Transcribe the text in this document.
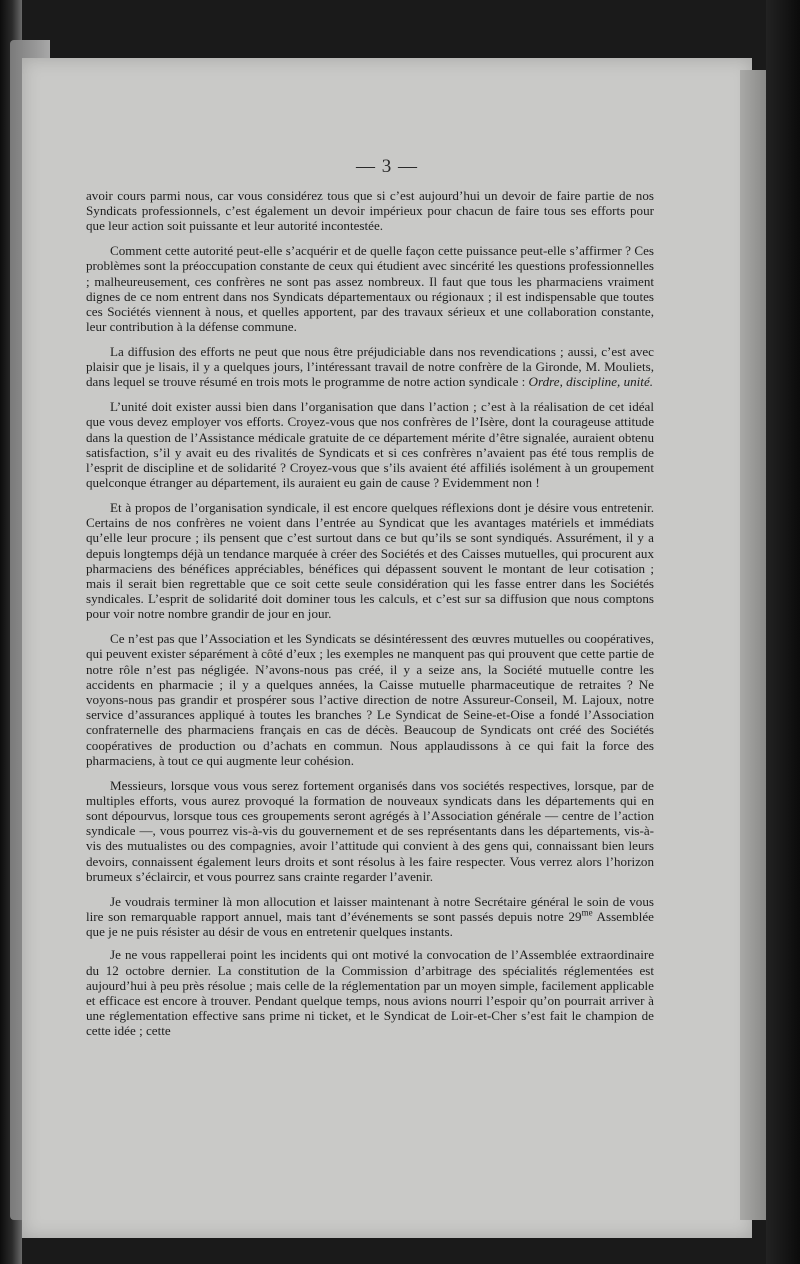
— 3 —

avoir cours parmi nous, car vous considérez tous que si c’est aujourd’hui un devoir de faire partie de nos Syndicats professionnels, c’est également un devoir impérieux pour chacun de faire tous ses efforts pour que leur action soit puissante et leur autorité incontestée.

Comment cette autorité peut-elle s’acquérir et de quelle façon cette puissance peut-elle s’affirmer ? Ces problèmes sont la préoccupation constante de ceux qui étudient avec sincérité les questions professionnelles ; malheureusement, ces confrères ne sont pas assez nombreux. Il faut que tous les pharmaciens vraiment dignes de ce nom entrent dans nos Syndicats départementaux ou régionaux ; il est indispensable que toutes ces Sociétés viennent à nous, et quelles apportent, par des travaux sérieux et une collaboration constante, leur contribution à la défense commune.

La diffusion des efforts ne peut que nous être préjudiciable dans nos revendications ; aussi, c’est avec plaisir que je lisais, il y a quelques jours, l’intéressant travail de notre confrère de la Gironde, M. Mouliets, dans lequel se trouve résumé en trois mots le programme de notre action syndicale : Ordre, discipline, unité.

L’unité doit exister aussi bien dans l’organisation que dans l’action ; c’est à la réalisation de cet idéal que vous devez employer vos efforts. Croyez-vous que nos confrères de l’Isère, dont la courageuse attitude dans la question de l’Assistance médicale gratuite de ce département mérite d’être signalée, auraient obtenu satisfaction, s’il y avait eu des rivalités de Syndicats et si ces confrères n’avaient pas été tous remplis de l’esprit de discipline et de solidarité ? Croyez-vous que s’ils avaient été affiliés isolément à un groupement quelconque étranger au département, ils auraient eu gain de cause ? Evidemment non !

Et à propos de l’organisation syndicale, il est encore quelques réflexions dont je désire vous entretenir. Certains de nos confrères ne voient dans l’entrée au Syndicat que les avantages matériels et immédiats qu’elle leur procure ; ils pensent que c’est surtout dans ce but qu’ils se sont syndiqués. Assurément, il y a depuis longtemps déjà un tendance marquée à créer des Sociétés et des Caisses mutuelles, qui procurent aux pharmaciens des bénéfices appréciables, bénéfices qui dépassent souvent le montant de leur cotisation ; mais il serait bien regrettable que ce soit cette seule considération qui les fasse entrer dans les Sociétés syndicales. L’esprit de solidarité doit dominer tous les calculs, et c’est sur sa diffusion que nous comptons pour voir notre nombre grandir de jour en jour.

Ce n’est pas que l’Association et les Syndicats se désintéressent des œuvres mutuelles ou coopératives, qui peuvent exister séparément à côté d’eux ; les exemples ne manquent pas qui prouvent que cette partie de notre rôle n’est pas négligée. N’avons-nous pas créé, il y a seize ans, la Société mutuelle contre les accidents en pharmacie ; il y a quelques années, la Caisse mutuelle pharmaceutique de retraites ? Ne voyons-nous pas grandir et prospérer sous l’active direction de notre Assureur-Conseil, M. Lajoux, notre service d’assurances appliqué à toutes les branches ? Le Syndicat de Seine-et-Oise a fondé l’Association confraternelle des pharmaciens français en cas de décès. Beaucoup de Syndicats ont créé des Sociétés coopératives de production ou d’achats en commun. Nous applaudissons à ce qui fait la force des pharmaciens, à tout ce qui augmente leur cohésion.

Messieurs, lorsque vous vous serez fortement organisés dans vos sociétés respectives, lorsque, par de multiples efforts, vous aurez provoqué la formation de nouveaux syndicats dans les départements qui en sont dépourvus, lorsque tous ces groupements seront agrégés à l’Association générale — centre de l’action syndicale —, vous pourrez vis-à-vis du gouvernement et de ses représentants dans les départements, vis-à-vis des mutualistes ou des compagnies, avoir l’attitude qui convient à des gens qui, connaissant bien leurs devoirs, connaissent également leurs droits et sont résolus à les faire respecter. Vous verrez alors l’horizon brumeux s’éclaircir, et vous pourrez sans crainte regarder l’avenir.

Je voudrais terminer là mon allocution et laisser maintenant à notre Secrétaire général le soin de vous lire son remarquable rapport annuel, mais tant d’événements se sont passés depuis notre $29^{me}$ Assemblée que je ne puis résister au désir de vous en entretenir quelques instants.

Je ne vous rappellerai point les incidents qui ont motivé la convocation de l’Assemblée extraordinaire du 12 octobre dernier. La constitution de la Commission d’arbitrage des spécialités réglementées est aujourd’hui à peu près résolue ; mais celle de la réglementation par un moyen simple, facilement applicable et efficace est encore à trouver. Pendant quelque temps, nous avions nourri l’espoir qu’on pourrait arriver à une réglementation effective sans prime ni ticket, et le Syndicat de Loir-et-Cher s’est fait le champion de cette idée ; cette
